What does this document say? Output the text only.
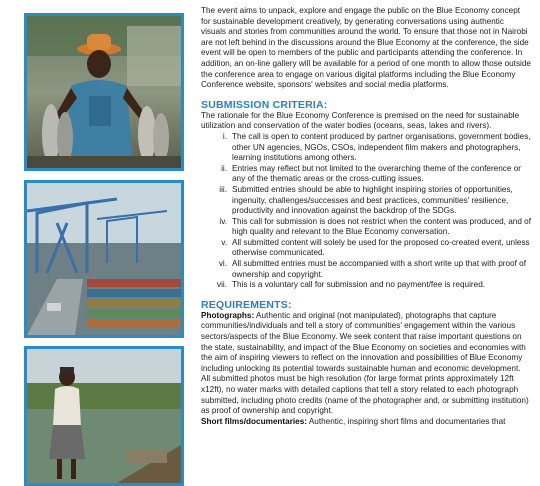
The event aims to unpack, explore and engage the public on the Blue Economy concept for sustainable development creatively, by generating conversations using authentic visuals and stories from communities around the world. To ensure that those not in Nairobi are not left behind in the discussions around the Blue Economy at the conference, the side event will be open to members of the public and participants attending the conference. In addition, an on-line gallery will be available for a period of one month to allow those outside the conference area to engage on various digital platforms including the Blue Economy Conference website, sponsors' websites and social media platforms.

SUBMISSION CRITERIA:

The rationale for the Blue Economy Conference is premised on the need for sustainable utilization and conservation of the water bodies (oceans, seas, lakes and rivers).

i. The call is open to content produced by partner organisations, government bodies, other UN agencies, NGOs, CSOs, independent film makers and photographers, learning institutions among others.
ii. Entries may reflect but not limited to the overarching theme of the conference or any of the thematic areas or the cross-cutting issues.
iii. Submitted entries should be able to highlight inspiring stories of opportunities, ingenuity, challenges/successes and best practices, communities' resilience, productivity and innovation against the backdrop of the SDGs.
iv. This call for submission is does not restrict when the content was produced, and of high quality and relevant to the Blue Economy conversation.
v. All submitted content will solely be used for the proposed co-created event, unless otherwise communicated.
vi. All submitted entries must be accompanied with a short write up that with proof of ownership and copyright.
vii. This is a voluntary call for submission and no payment/fee is required.
REQUIREMENTS:

Photographs: Authentic and original (not manipulated), photographs that capture communities/individuals and tell a story of communities' engagement within the various sectors/aspects of the Blue Economy. We seek content that raise important questions on the state, sustainability, and impact of the Blue Economy on societies and economies with the aim of inspiring viewers to reflect on the innovation and possibilities of Blue Economy including unlocking its potential towards sustainable human and economic development.

All submitted photos must be high resolution (for large format prints approximately 12ft x12ft), no water marks with detailed captions that tell a story related to each photograph submitted, including photo credits (name of the photographer and, or submitting institution) as proof of ownership and copyright.

Short films/documentaries: Authentic, inspiring short films and documentaries that
